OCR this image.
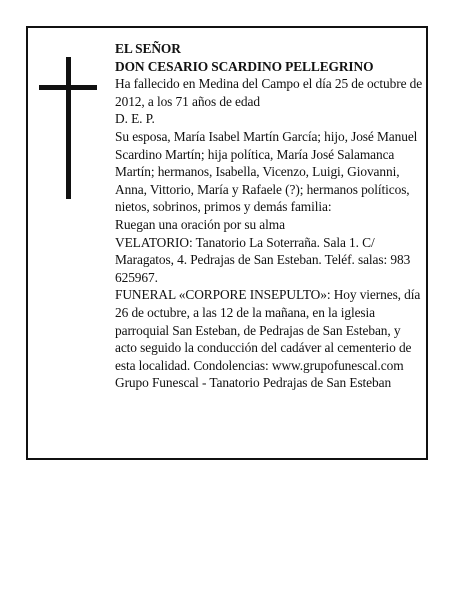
EL SEÑOR

DON CESARIO SCARDINO PELLEGRINO

Ha fallecido en Medina del Campo el día 25 de octubre de 2012, a los 71 años de edad

D. E. P.

Su esposa, María Isabel Martín García; hijo, José Manuel Scardino Martín; hija política, María José Salamanca Martín; hermanos, Isabella, Vicenzo, Luigi, Giovanni, Anna, Vittorio, María y Rafaele (?); hermanos políticos, nietos, sobrinos, primos y demás familia:

Ruegan una oración por su alma

VELATORIO: Tanatorio La Soterraña. Sala 1. C/ Maragatos, 4. Pedrajas de San Esteban. Teléf. salas: 983 625967.

FUNERAL «CORPORE INSEPULTO»: Hoy viernes, día 26 de octubre, a las 12 de la mañana, en la iglesia parroquial San Esteban, de Pedrajas de San Esteban, y acto seguido la conducción del cadáver al cementerio de esta localidad. Condolencias: www.grupofunescal.com

Grupo Funescal - Tanatorio Pedrajas de San Esteban
